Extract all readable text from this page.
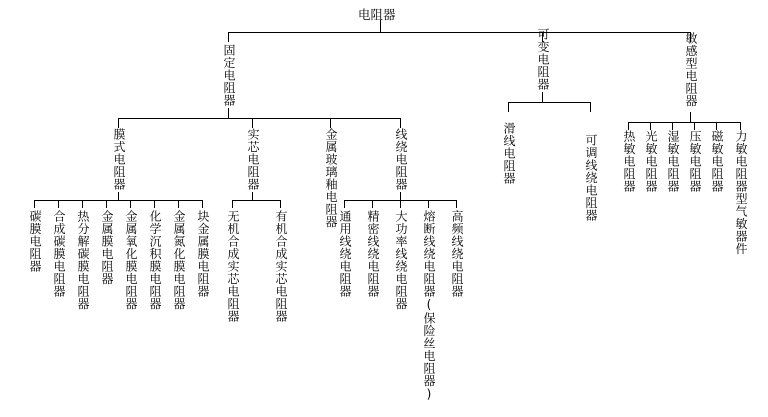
电阻器
固定电阻器	可变电阻器	敏感型电阻器
膜式电阻器	实芯电阻器	金属玻璃釉电阻器	线绕电阻器	滑线电阻器	可调线绕电阻器 热敏电阻器 光敏电阻器 湿敏电阻器 压敏电阻器 磁敏电阻器 力敏电阻器型气敏器件
碳膜电阻器 合成碳膜电阻器 热分解碳膜电阻器 金属膜电阻器 金属氧化膜电阻器 化学沉积膜电阻器 金属氮化膜电阻器 块金属膜电阻器 无机合成实芯电阻器	有机合成实芯电阻器	通用线绕电阻器 精密线绕电阻器 大功率线绕电阻器 熔断线绕电阻器(保险丝电阻器) 高频线绕电阻器
